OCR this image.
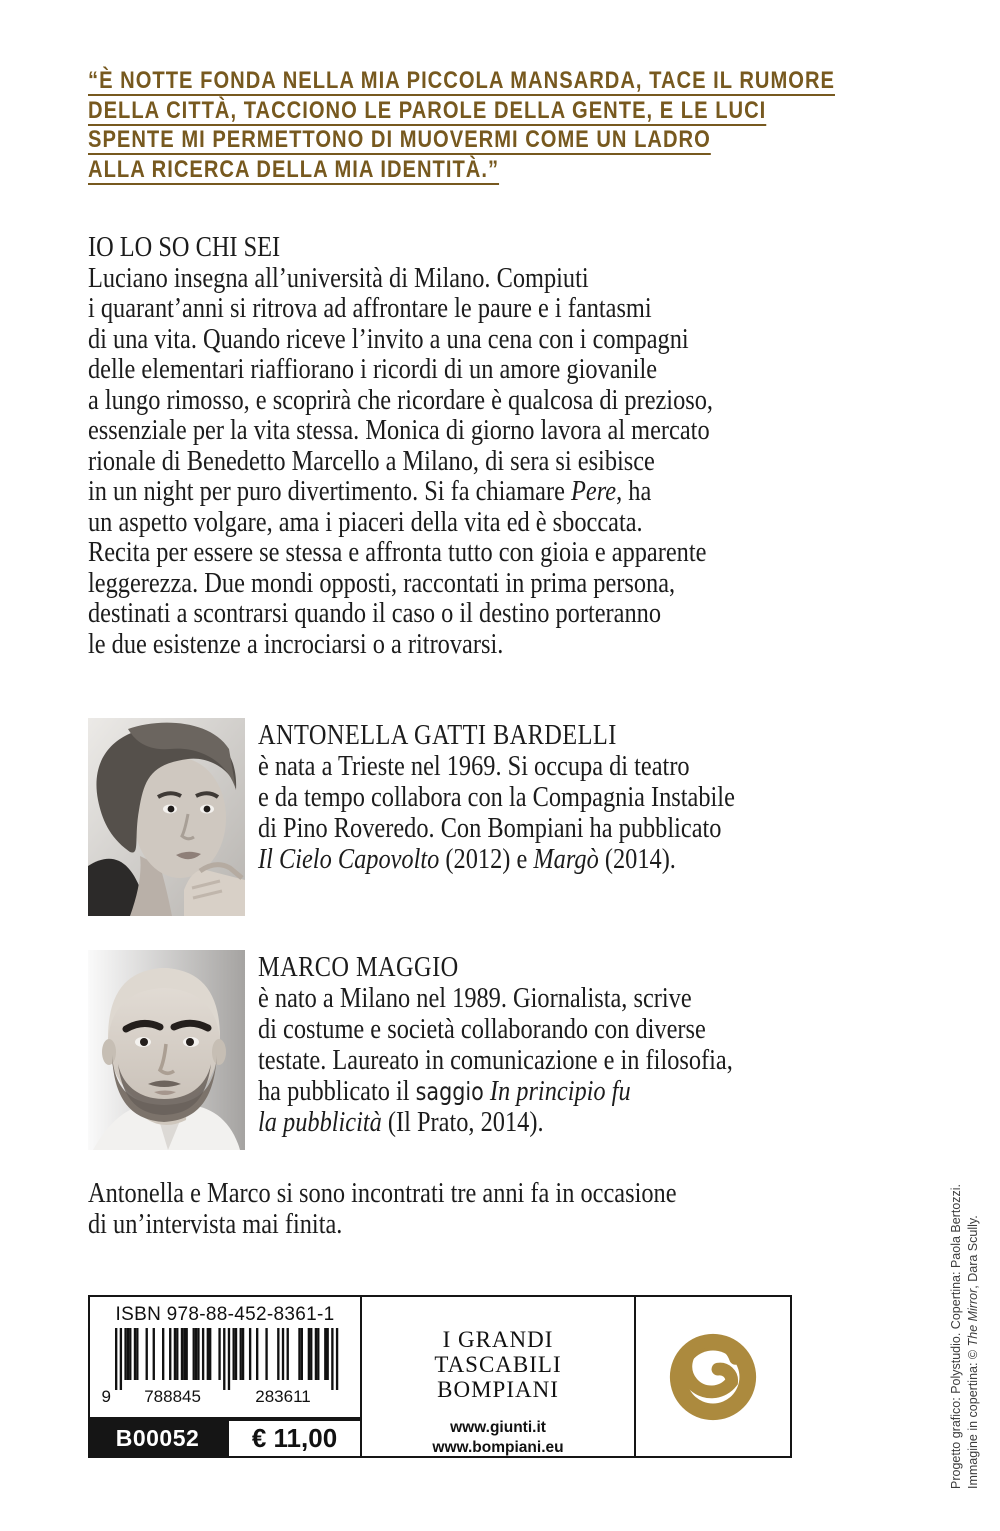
“È NOTTE FONDA NELLA MIA PICCOLA MANSARDA, TACE IL RUMORE
DELLA CITTÀ, TACCIONO LE PAROLE DELLA GENTE, E LE LUCI
SPENTE MI PERMETTONO DI MUOVERMI COME UN LADRO
ALLA RICERCA DELLA MIA IDENTITÀ.”
IO LO SO CHI SEI
Luciano insegna all’università di Milano. Compiuti
i quarant’anni si ritrova ad affrontare le paure e i fantasmi
di una vita. Quando riceve l’invito a una cena con i compagni
delle elementari riaffiorano i ricordi di un amore giovanile
a lungo rimosso, e scoprirà che ricordare è qualcosa di prezioso,
essenziale per la vita stessa. Monica di giorno lavora al mercato
rionale di Benedetto Marcello a Milano, di sera si esibisce
in un night per puro divertimento. Si fa chiamare Pere, ha
un aspetto volgare, ama i piaceri della vita ed è sboccata.
Recita per essere se stessa e affronta tutto con gioia e apparente
leggerezza. Due mondi opposti, raccontati in prima persona,
destinati a scontrarsi quando il caso o il destino porteranno
le due esistenze a incrociarsi o a ritrovarsi.
ANTONELLA GATTI BARDELLI
è nata a Trieste nel 1969. Si occupa di teatro
e da tempo collabora con la Compagnia Instabile
di Pino Roveredo. Con Bompiani ha pubblicato
Il Cielo Capovolto (2012) e Margò (2014).
MARCO MAGGIO
è nato a Milano nel 1989. Giornalista, scrive
di costume e società collaborando con diverse
testate. Laureato in comunicazione e in filosofia,
ha pubblicato il saggio In principio fu
la pubblicità (Il Prato, 2014).
Antonella e Marco si sono incontrati tre anni fa in occasione
di un’intervista mai finita.
ISBN 978-88-452-8361-1
9 788845	283611
B00052	€ 11,00
I GRANDI
TASCABILI
BOMPIANI
www.giunti.it
www.bompiani.eu	Immagine in copertina: © The Mirror, Dara Scully.
Progetto grafico: Polystudio. Copertina: Paola Bertozzi.
